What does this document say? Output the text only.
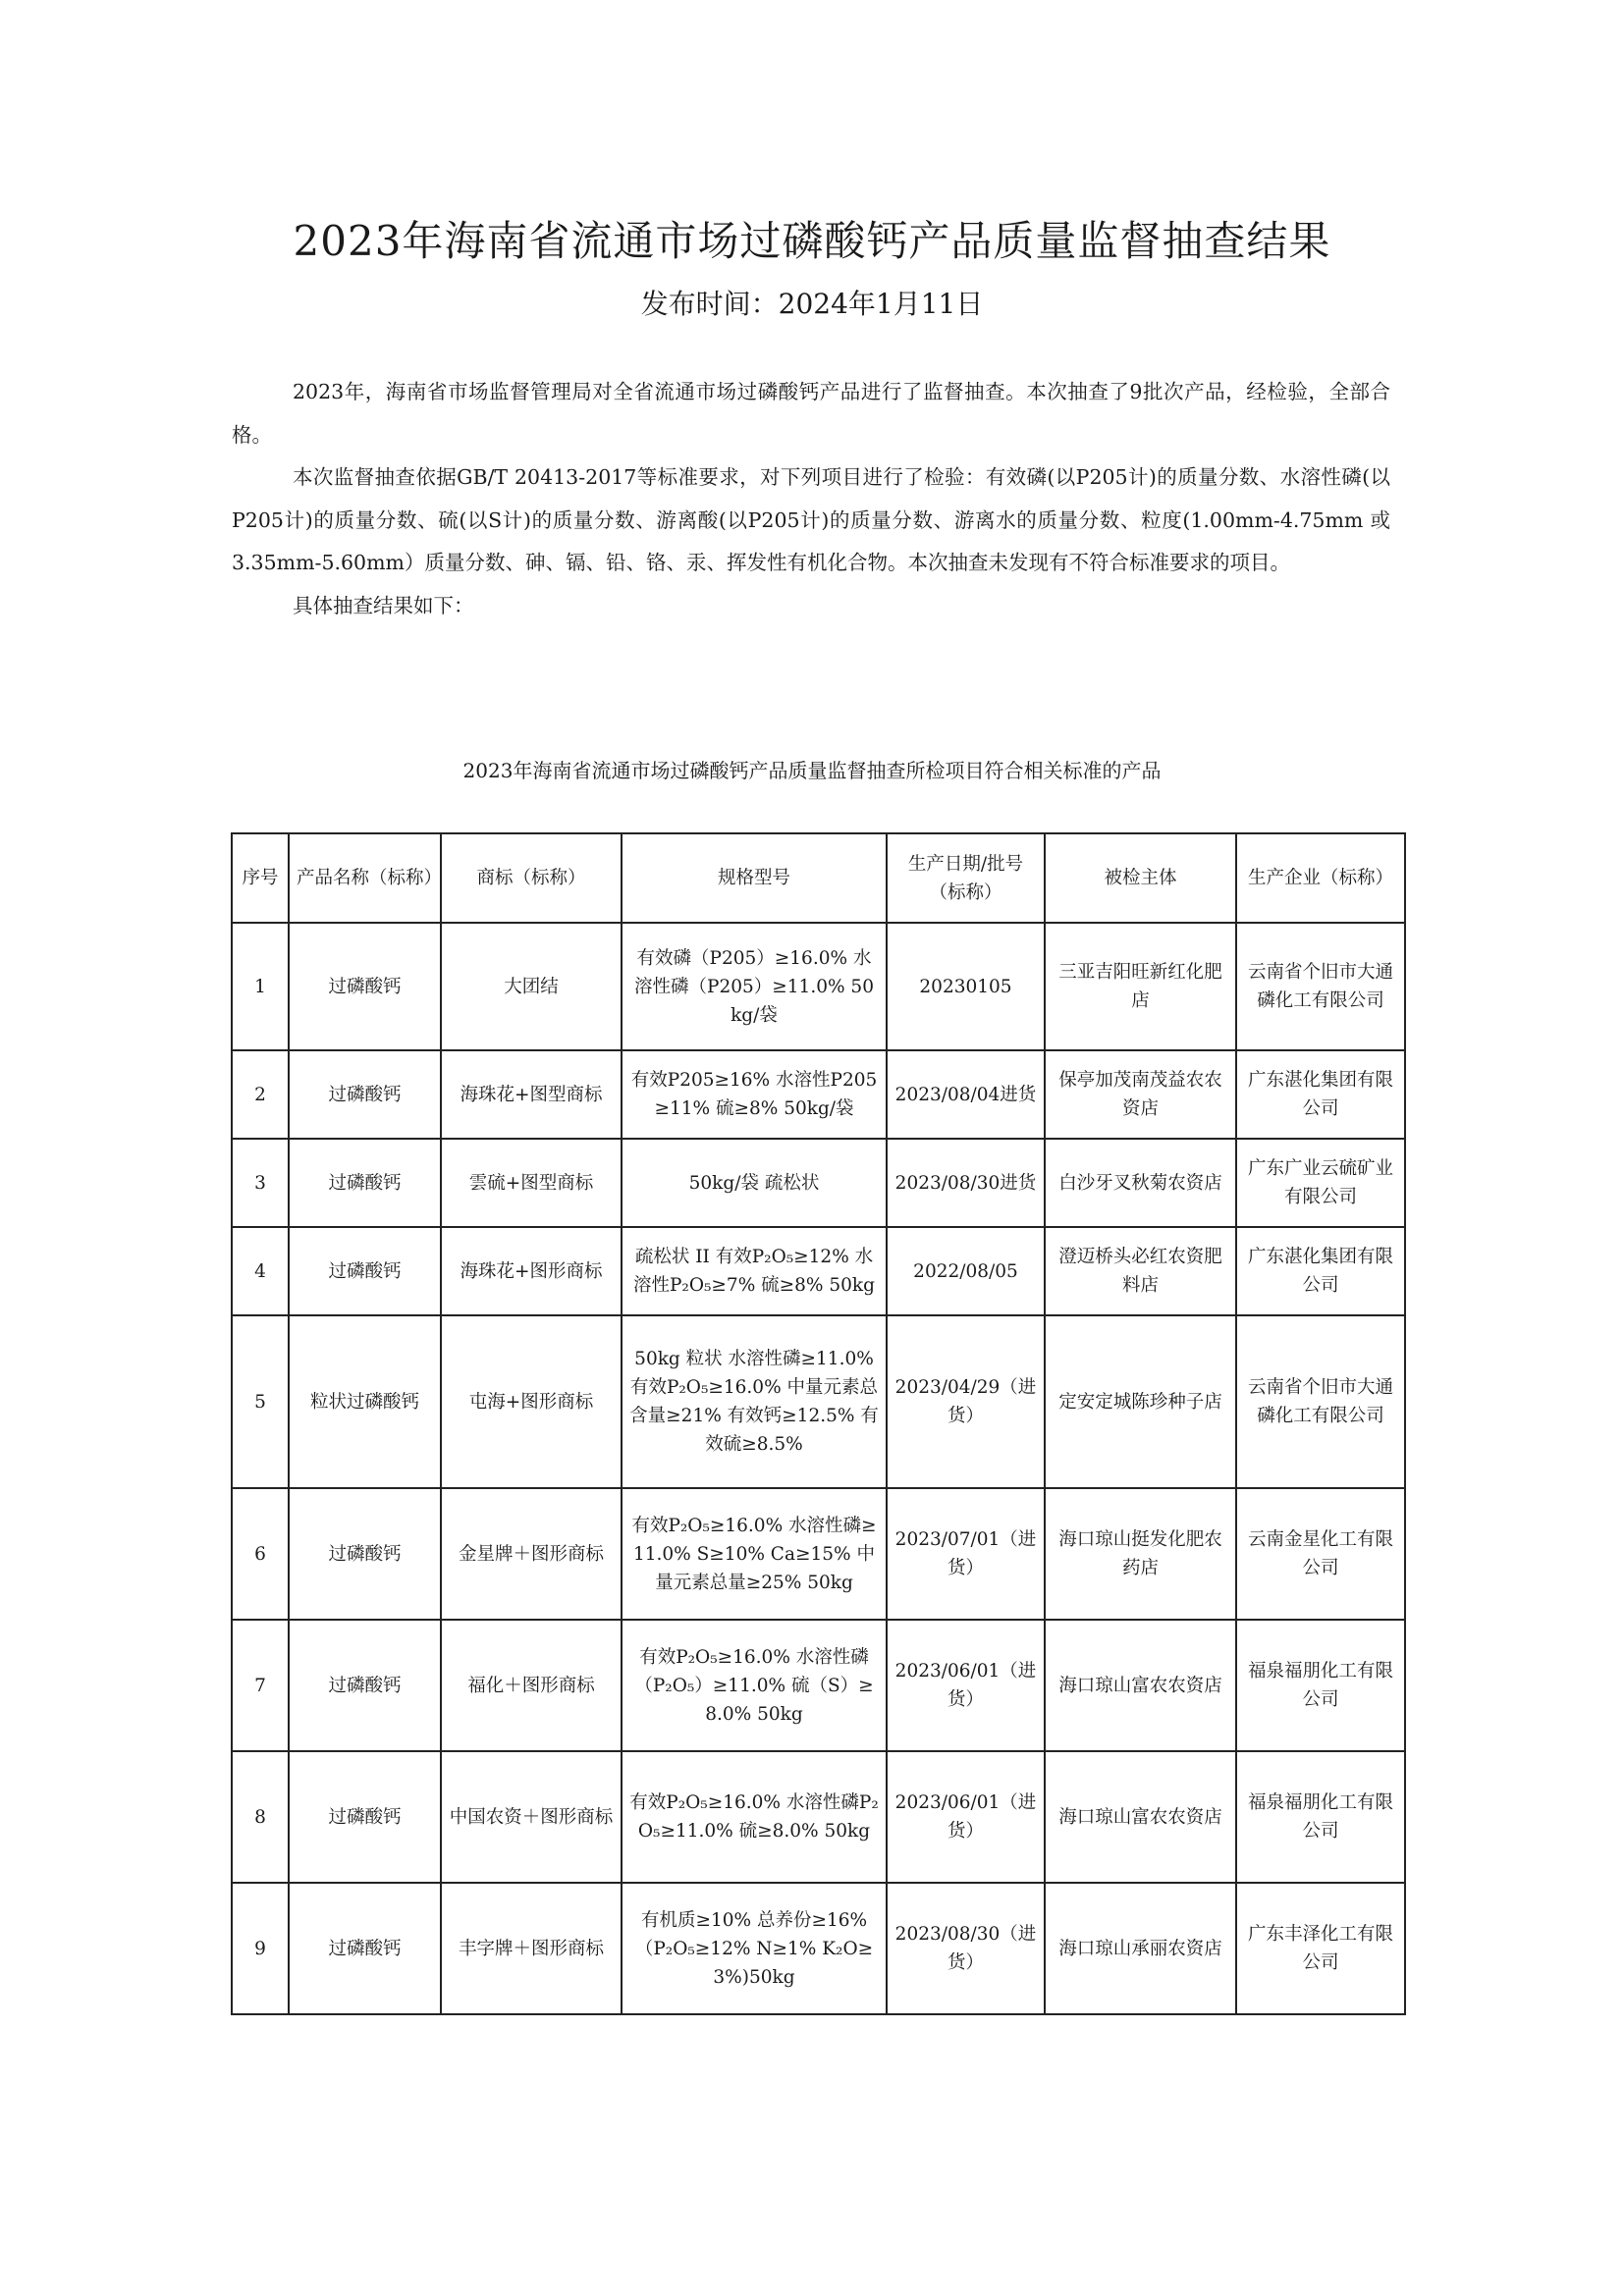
2023年海南省流通市场过磷酸钙产品质量监督抽查结果
发布时间：2024年1月11日

2023年，海南省市场监督管理局对全省流通市场过磷酸钙产品进行了监督抽查。本次抽查了9批次产品，经检验，全部合格。

本次监督抽查依据GB/T 20413-2017等标准要求，对下列项目进行了检验：有效磷(以P205计)的质量分数、水溶性磷(以P205计)的质量分数、硫(以S计)的质量分数、游离酸(以P205计)的质量分数、游离水的质量分数、粒度(1.00mm-4.75mm 或3.35mm-5.60mm）质量分数、砷、镉、铅、铬、汞、挥发性有机化合物。本次抽查未发现有不符合标准要求的项目。

具体抽查结果如下：

2023年海南省流通市场过磷酸钙产品质量监督抽查所检项目符合相关标准的产品
序号	产品名称（标称）	商标（标称）	规格型号	生产日期/批号（标称）	被检主体	生产企业（标称）
1	过磷酸钙	大团结	有效磷（P205）≥16.0% 水溶性磷（P205）≥11.0% 50kg/袋	20230105	三亚吉阳旺新红化肥店	云南省个旧市大通磷化工有限公司
2	过磷酸钙	海珠花+图型商标	有效P205≥16% 水溶性P205≥11% 硫≥8% 50kg/袋	2023/08/04进货	保亭加茂南茂益农农资店	广东湛化集团有限公司
3	过磷酸钙	雲硫+图型商标	50kg/袋 疏松状	2023/08/30进货	白沙牙叉秋菊农资店	广东广业云硫矿业有限公司
4	过磷酸钙	海珠花+图形商标	疏松状 II 有效P₂O₅≥12% 水溶性P₂O₅≥7% 硫≥8% 50kg	2022/08/05	澄迈桥头必红农资肥料店	广东湛化集团有限公司
5	粒状过磷酸钙	屯海+图形商标	50kg 粒状 水溶性磷≥11.0% 有效P₂O₅≥16.0% 中量元素总含量≥21% 有效钙≥12.5% 有效硫≥8.5%	2023/04/29（进货）	定安定城陈珍种子店	云南省个旧市大通磷化工有限公司
6	过磷酸钙	金星牌＋图形商标	有效P₂O₅≥16.0% 水溶性磷≥11.0% S≥10% Ca≥15% 中量元素总量≥25% 50kg	2023/07/01（进货）	海口琼山挺发化肥农药店	云南金星化工有限公司
7	过磷酸钙	福化＋图形商标	有效P₂O₅≥16.0% 水溶性磷（P₂O₅）≥11.0% 硫（S）≥8.0% 50kg	2023/06/01（进货）	海口琼山富农农资店	福泉福朋化工有限公司
8	过磷酸钙	中国农资＋图形商标	有效P₂O₅≥16.0% 水溶性磷P₂O₅≥11.0% 硫≥8.0% 50kg	2023/06/01（进货）	海口琼山富农农资店	福泉福朋化工有限公司
9	过磷酸钙	丰字牌＋图形商标	有机质≥10% 总养份≥16%（P₂O₅≥12% N≥1% K₂O≥3%)50kg	2023/08/30（进货）	海口琼山承丽农资店	广东丰泽化工有限公司
